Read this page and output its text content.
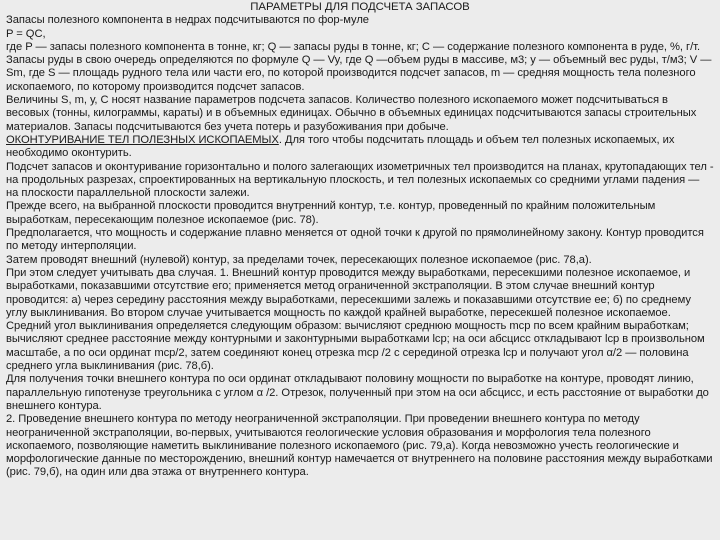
ПАРАМЕТРЫ ДЛЯ ПОДСЧЕТА ЗАПАСОВ

Запасы полезного компонента в недрах подсчитываются по фор-муле

P = QC,

где P — запасы полезного компонента в тонне, кг; Q — запасы руды в тонне, кг; C — содержание полезного компонента в руде, %, г/т.

Запасы руды в свою очередь определяются по формуле Q — Vy, где Q —объем руды в массиве, м3; у — объемный вес руды, т/м3; V — Sm, где S — площадь рудного тела или части его, по которой производится подсчет запасов, m — средняя мощность тела полезного ископаемого, по которому производится подсчет запасов.

Величины S, m, у, C носят название параметров подсчета запасов. Количество полезного ископаемого может подсчитываться в весовых (тонны, килограммы, караты) и в объемных единицах. Обычно в объемных единицах подсчитываются запасы строительных материалов. Запасы подсчитываются без учета потерь и разубоживания при добыче.

ОКОНТУРИВАНИЕ ТЕЛ ПОЛЕЗНЫХ ИСКОПАЕМЫХ. Для того чтобы подсчитать площадь и объем тел полезных ископаемых, их необходимо оконтурить.

Подсчет запасов и оконтуривание горизонтально и полого залегающих изометричных тел производится на планах, крутопадающих тел - на продольных разрезах, спроектированных на вертикальную плоскость, и тел полезных ископаемых со средними углами падения — на плоскости параллельной плоскости залежи.

Прежде всего, на выбранной плоскости проводится внутренний контур, т.е. контур, проведенный по крайним положительным выработкам, пересекающим полезное ископаемое (рис. 78).

Предполагается, что мощность и содержание плавно меняется от одной точки к другой по прямолинейному закону. Контур проводится по методу интерполяции.

Затем проводят внешний (нулевой) контур, за пределами точек, пересекающих полезное ископаемое (рис. 78,а).

При этом следует учитывать два случая. 1. Внешний контур проводится между выработками, пересекшими полезное ископаемое, и выработками, показавшими отсутствие его; применяется метод ограниченной экстраполяции. В этом случае внешний контур проводится: а) через середину расстояния между выработками, пересекшими залежь и показавшими отсутствие ее; б) по среднему углу выклинивания. Во втором случае учитывается мощность по каждой крайней выработке, пересекшей полезное ископаемое. Средний угол выклинивания определяется следующим образом: вычисляют среднюю мощность mср по всем крайним выработкам; вычисляют среднее расстояние между контурными и законтурными выработками lср; на оси абсцисс откладывают lср в произвольном масштабе, а по оси ординат mср/2, затем соединяют конец отрезка mср /2 с серединой отрезка lср и получают угол α/2 — половина среднего угла выклинивания (рис. 78,б).

Для получения точки внешнего контура по оси ординат откладывают половину мощности по выработке на контуре, проводят линию, параллельную гипотенузе треугольника с углом α /2. Отрезок, полученный при этом на оси абсцисс, и есть расстояние от выработки до внешнего контура.

2. Проведение внешнего контура по методу неограниченной экстраполяции. При проведении внешнего контура по методу неограниченной экстраполяции, во-первых, учитываются геологические условия образования и морфология тела полезного ископаемого, позволяющие наметить выклинивание полезного ископаемого (рис. 79,а). Когда невозможно учесть геологические и морфологические данные по месторождению, внешний контур намечается от внутреннего на половине расстояния между выработками (рис. 79,б), на один или два этажа от внутреннего контура.
